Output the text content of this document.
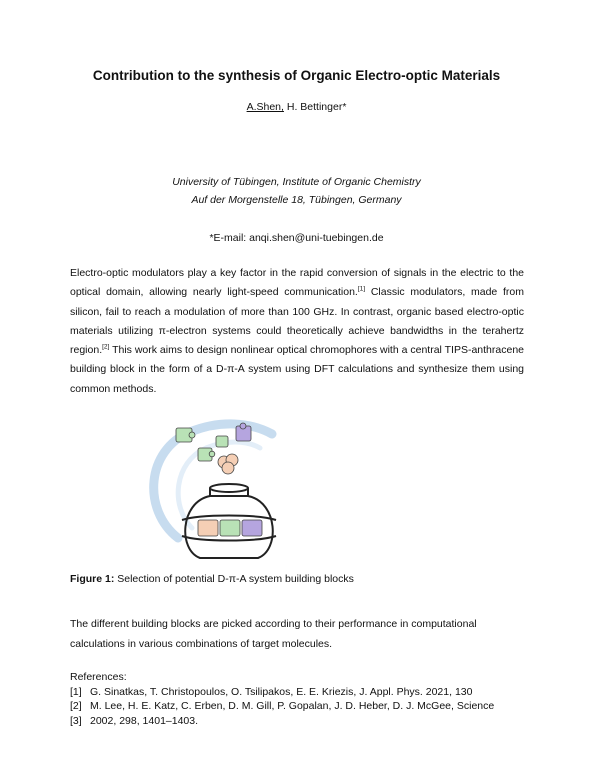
Contribution to the synthesis of Organic Electro-optic Materials
A.Shen, H. Bettinger*
University of Tübingen, Institute of Organic Chemistry
Auf der Morgenstelle 18, Tübingen, Germany
*E-mail: anqi.shen@uni-tuebingen.de

Electro-optic modulators play a key factor in the rapid conversion of signals in the electric to the optical domain, allowing nearly light-speed communication.[1] Classic modulators, made from silicon, fail to reach a modulation of more than 100 GHz. In contrast, organic based electro-optic materials utilizing π-electron systems could theoretically achieve bandwidths in the terahertz region.[2] This work aims to design nonlinear optical chromophores with a central TIPS-anthracene building block in the form of a D-π-A system using DFT calculations and synthesize them using common methods.

Figure 1: Selection of potential D-π-A system building blocks

The different building blocks are picked according to their performance in computational calculations in various combinations of target molecules.

References:
[1] G. Sinatkas, T. Christopoulos, O. Tsilipakos, E. E. Kriezis, J. Appl. Phys. 2021, 130
[2] M. Lee, H. E. Katz, C. Erben, D. M. Gill, P. Gopalan, J. D. Heber, D. J. McGee, Science
[3] 2002, 298, 1401–1403.
